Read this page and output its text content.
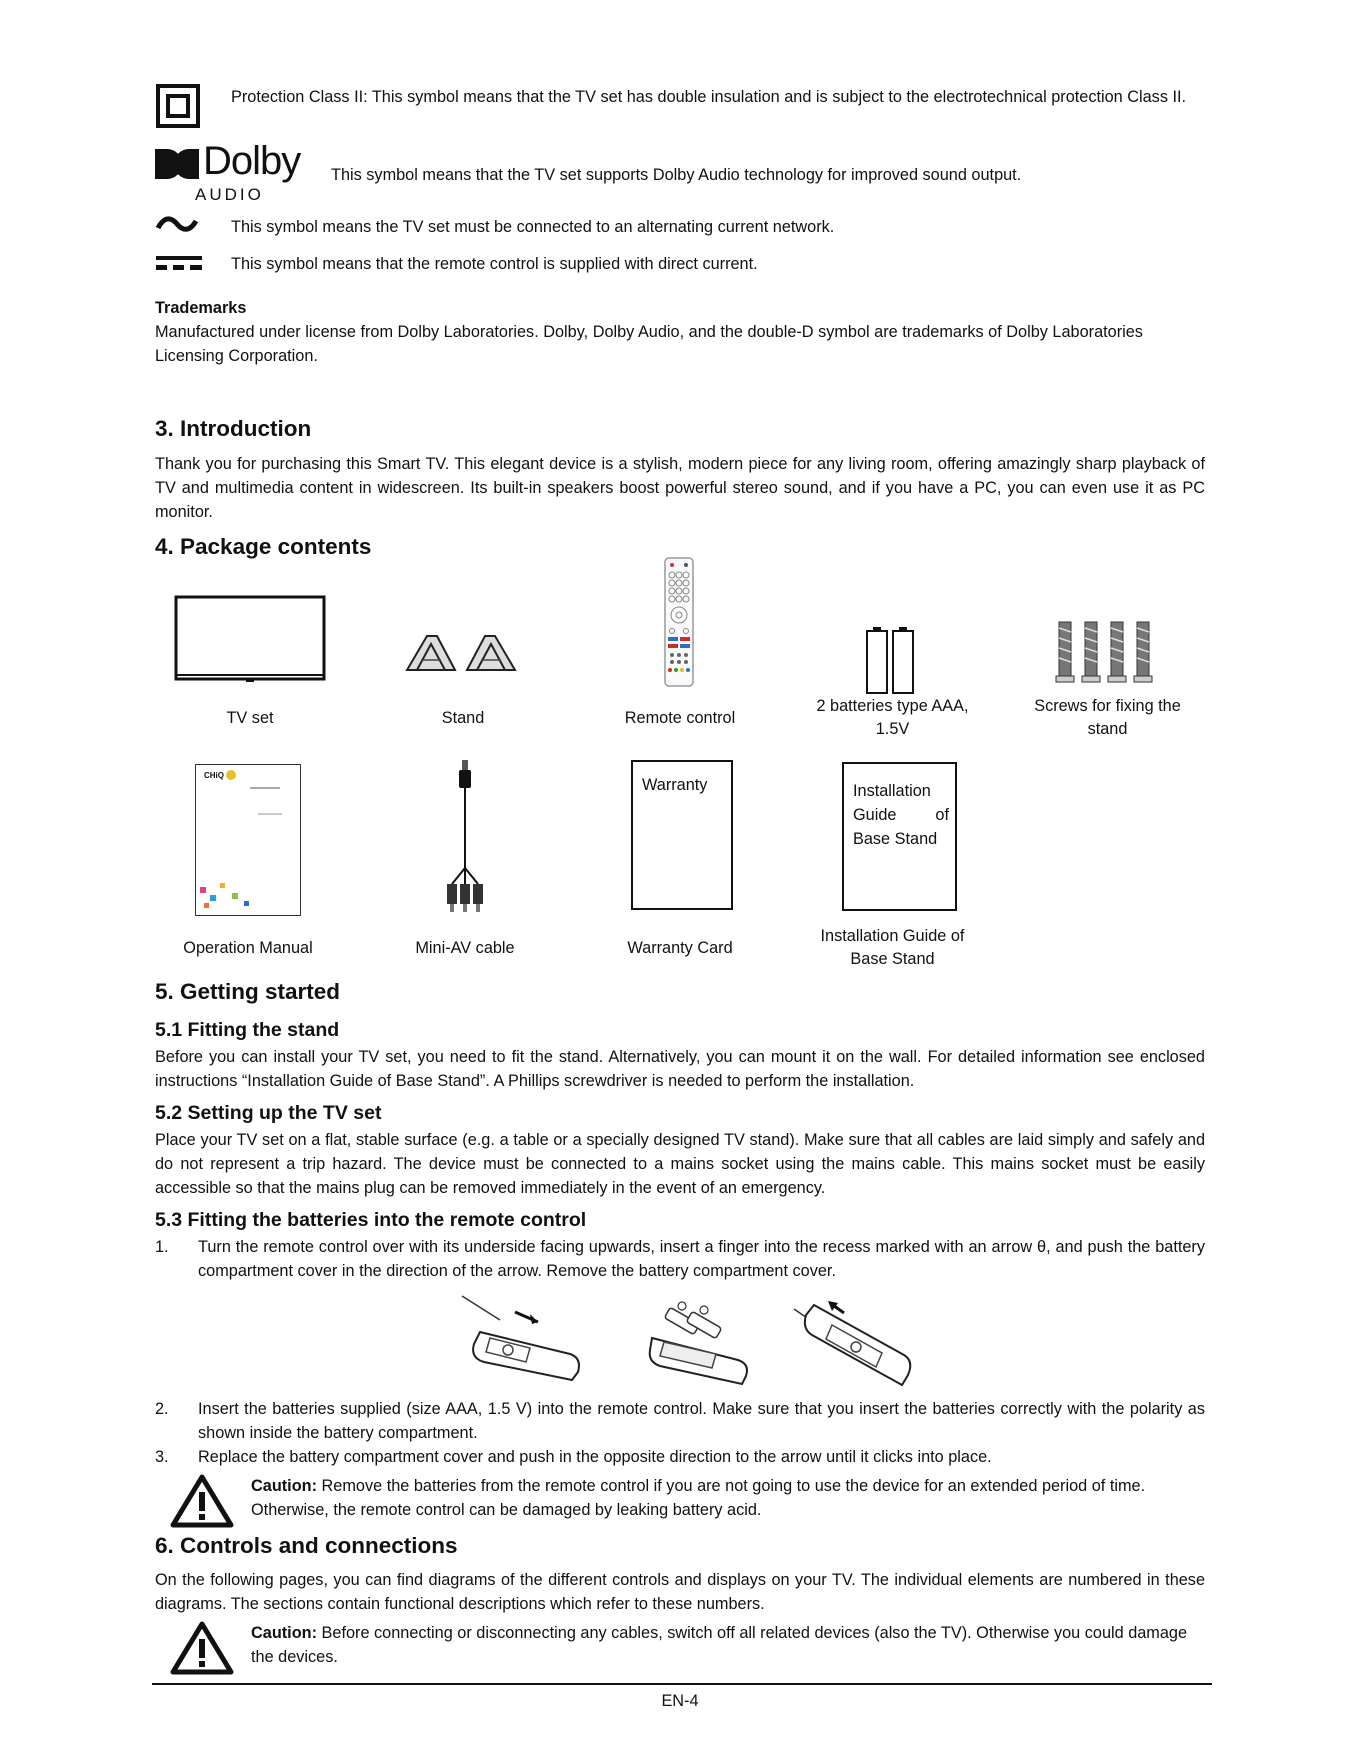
Protection Class II: This symbol means that the TV set has double insulation and is subject to the electrotechnical protection Class II.
Dolby
AUDIO
This symbol means that the TV set supports Dolby Audio technology for improved sound output.
This symbol means the TV set must be connected to an alternating current network.
This symbol means that the remote control is supplied with direct current.
Trademarks
Manufactured under license from Dolby Laboratories. Dolby, Dolby Audio, and the double-D symbol are trademarks of Dolby Laboratories Licensing Corporation.
3. Introduction
Thank you for purchasing this Smart TV. This elegant device is a stylish, modern piece for any living room, offering amazingly sharp playback of TV and multimedia content in widescreen. Its built-in speakers boost powerful stereo sound, and if you have a PC, you can even use it as PC monitor.
4. Package contents
TV set	Stand	Remote control
2 batteries type AAA, 1.5V
Screws for fixing the stand
CHiQ
Operation Manual	Mini-AV cable
Warranty
Warranty Card
Installation
Guide of
Base Stand
Installation Guide of Base Stand
5. Getting started
5.1 Fitting the stand
Before you can install your TV set, you need to fit the stand. Alternatively, you can mount it on the wall. For detailed information see enclosed instructions “Installation Guide of Base Stand”. A Phillips screwdriver is needed to perform the installation.
5.2 Setting up the TV set
Place your TV set on a flat, stable surface (e.g. a table or a specially designed TV stand). Make sure that all cables are laid simply and safely and do not represent a trip hazard. The device must be connected to a mains socket using the mains cable. This mains socket must be easily accessible so that the mains plug can be removed immediately in the event of an emergency.
5.3 Fitting the batteries into the remote control
1. Turn the remote control over with its underside facing upwards, insert a finger into the recess marked with an arrow θ, and push the battery compartment cover in the direction of the arrow. Remove the battery compartment cover.
2. Insert the batteries supplied (size AAA, 1.5 V) into the remote control. Make sure that you insert the batteries correctly with the polarity as shown inside the battery compartment.
3. Replace the battery compartment cover and push in the opposite direction to the arrow until it clicks into place.
Caution: Remove the batteries from the remote control if you are not going to use the device for an extended period of time. Otherwise, the remote control can be damaged by leaking battery acid.
6. Controls and connections
On the following pages, you can find diagrams of the different controls and displays on your TV. The individual elements are numbered in these diagrams. The sections contain functional descriptions which refer to these numbers.
Caution: Before connecting or disconnecting any cables, switch off all related devices (also the TV). Otherwise you could damage the devices.
EN-4
